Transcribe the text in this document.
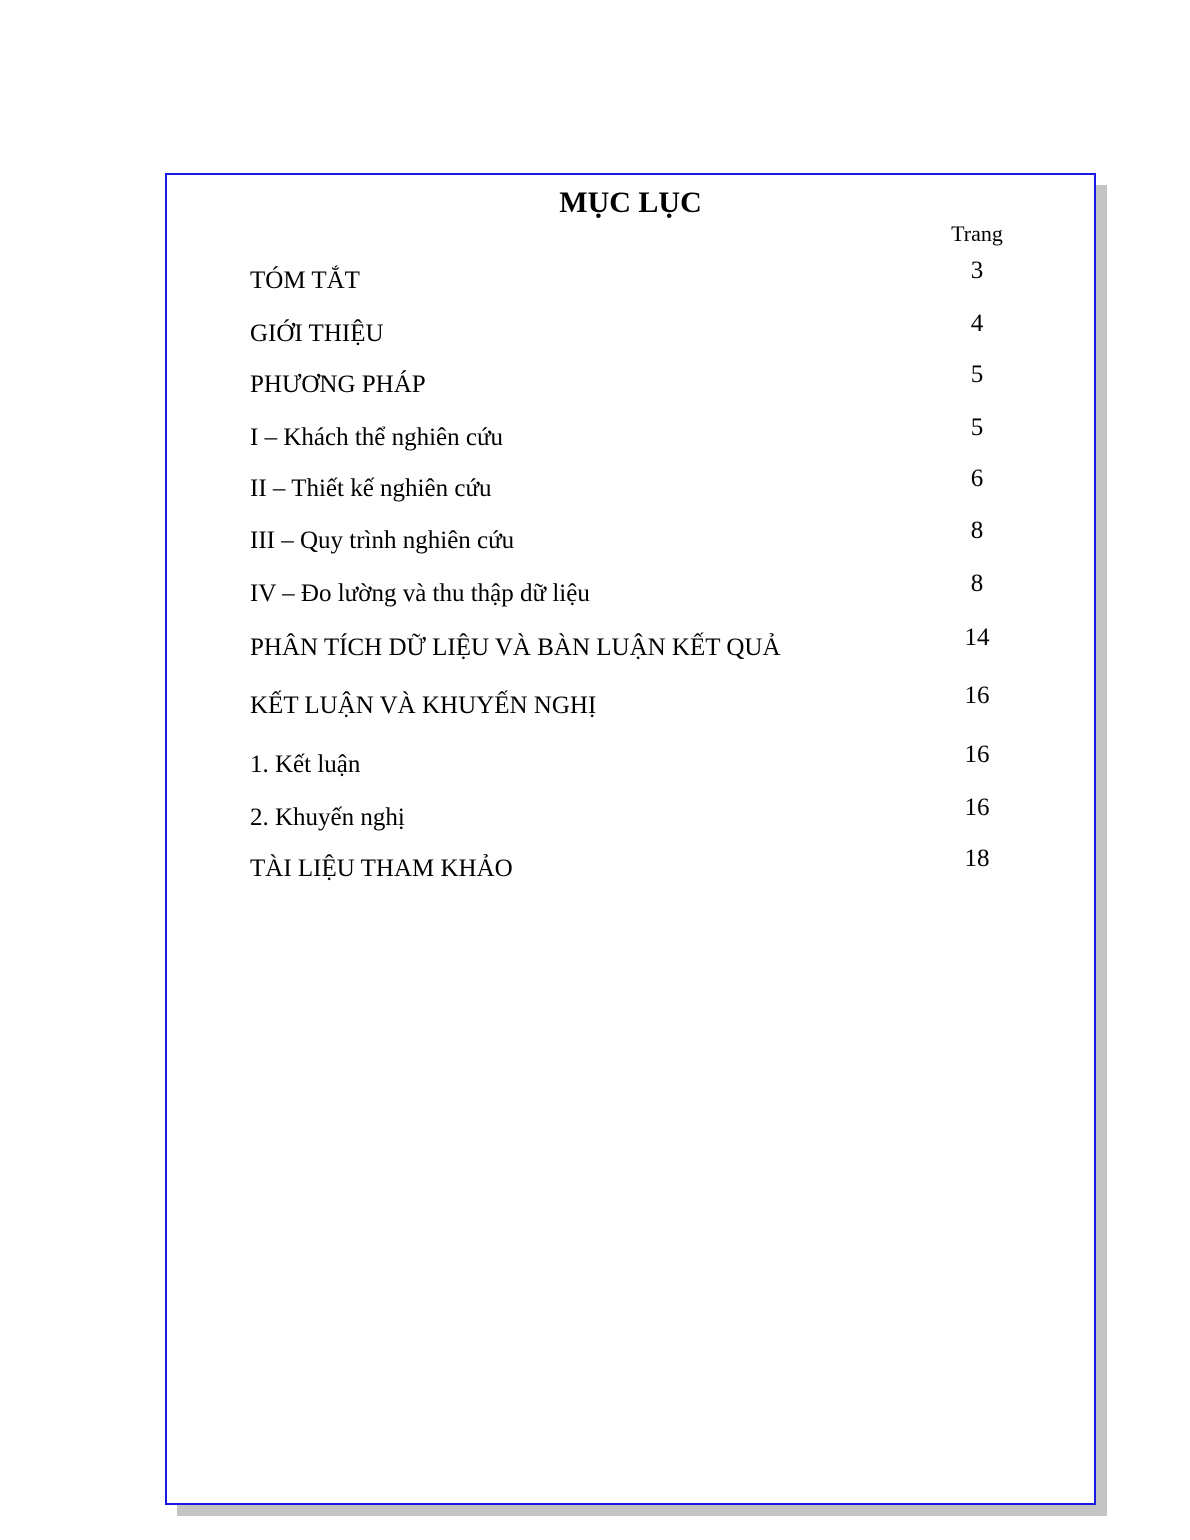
MỤC LỤC
Trang
TÓM TẮT	3
GIỚI THIỆU	4
PHƯƠNG PHÁP	5
I – Khách thể nghiên cứu	5
II – Thiết kế nghiên cứu	6
III – Quy trình nghiên cứu	8
IV – Đo lường và thu thập dữ liệu	8
PHÂN TÍCH DỮ LIỆU VÀ BÀN LUẬN KẾT QUẢ	14
KẾT LUẬN VÀ KHUYẾN NGHỊ	16
1. Kết luận	16
2. Khuyến nghị	16
TÀI LIỆU THAM KHẢO	18
